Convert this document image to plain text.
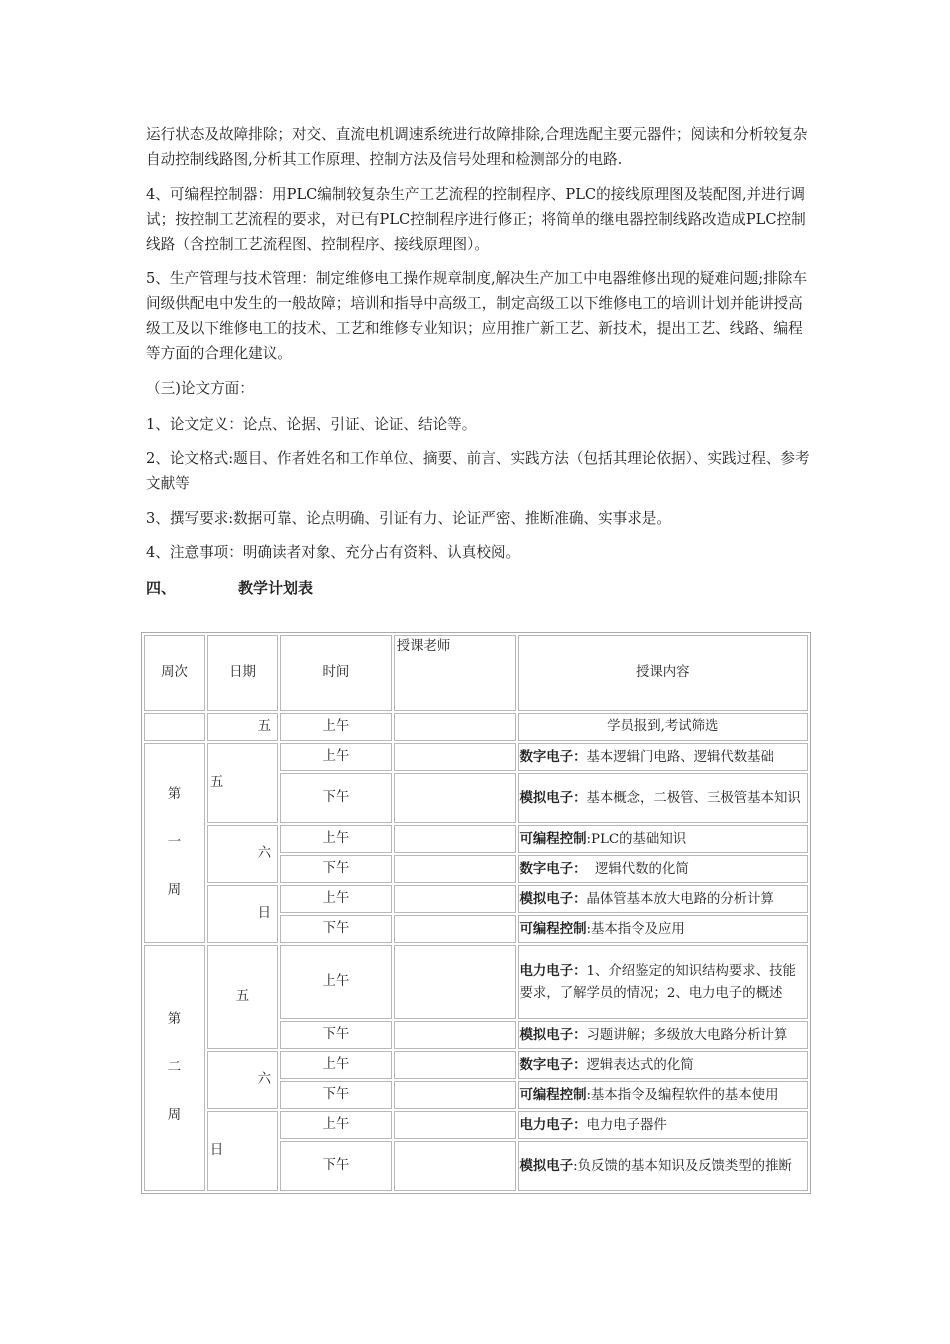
运行状态及故障排除；对交、直流电机调速系统进行故障排除,合理选配主要元器件；阅读和分析较复杂自动控制线路图,分析其工作原理、控制方法及信号处理和检测部分的电路.

4、可编程控制器：用PLC编制较复杂生产工艺流程的控制程序、PLC的接线原理图及装配图,并进行调试；按控制工艺流程的要求，对已有PLC控制程序进行修正；将简单的继电器控制线路改造成PLC控制线路（含控制工艺流程图、控制程序、接线原理图）。

5、生产管理与技术管理：制定维修电工操作规章制度,解决生产加工中电器维修出现的疑难问题;排除车间级供配电中发生的一般故障；培训和指导中高级工，制定高级工以下维修电工的培训计划并能讲授高级工及以下维修电工的技术、工艺和维修专业知识；应用推广新工艺、新技术，提出工艺、线路、编程等方面的合理化建议。

（三)论文方面：

1、论文定义：论点、论据、引证、论证、结论等。

2、论文格式:题目、作者姓名和工作单位、摘要、前言、实践方法（包括其理论依据）、实践过程、参考文献等

3、撰写要求:数据可靠、论点明确、引证有力、论证严密、推断准确、实事求是。

4、注意事项：明确读者对象、充分占有资料、认真校阅。

四、	教学计划表
周次	日期	时间	授课老师	授课内容
	五	上午		学员报到,考试筛选

第
一
周	五	上午		数字电子：基本逻辑门电路、逻辑代数基础
		下午		模拟电子：基本概念，二极管、三极管基本知识
	六	上午		可编程控制:PLC的基础知识
		下午		数字电子：  逻辑代数的化简
	日	上午		模拟电子：晶体管基本放大电路的分析计算
		下午		可编程控制:基本指令及应用

第
二
周	五	上午		电力电子：1、介绍鉴定的知识结构要求、技能要求，了解学员的情况；2、电力电子的概述
		下午		模拟电子：习题讲解；多级放大电路分析计算
	六	上午		数字电子：逻辑表达式的化简
		下午		可编程控制:基本指令及编程软件的基本使用
	日	上午		电力电子：电力电子器件
		下午		模拟电子:负反馈的基本知识及反馈类型的推断
